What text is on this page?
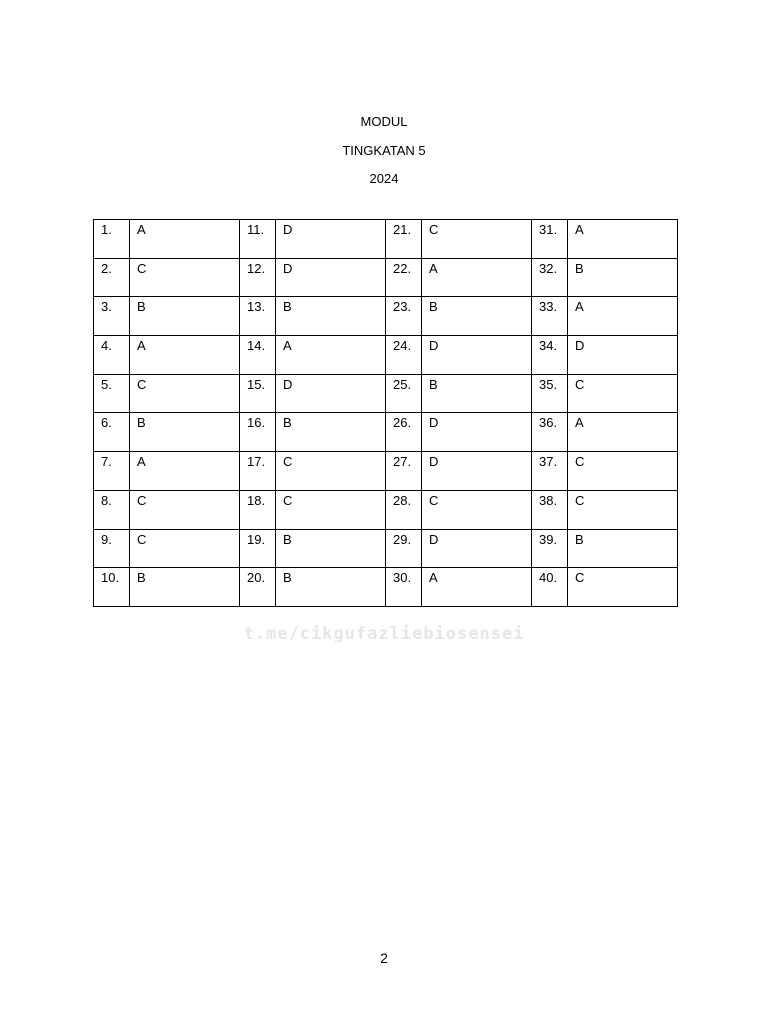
MODUL
TINGKATAN 5
2024
1.	A	11.	D	21.	C	31.	A
2.	C	12.	D	22.	A	32.	B
3.	B	13.	B	23.	B	33.	A
4.	A	14.	A	24.	D	34.	D
5.	C	15.	D	25.	B	35.	C
6.	B	16.	B	26.	D	36.	A
7.	A	17.	C	27.	D	37.	C
8.	C	18.	C	28.	C	38.	C
9.	C	19.	B	29.	D	39.	B
10.	B	20.	B	30.	A	40.	C
t.me/cikgufazliebiosensei
2
